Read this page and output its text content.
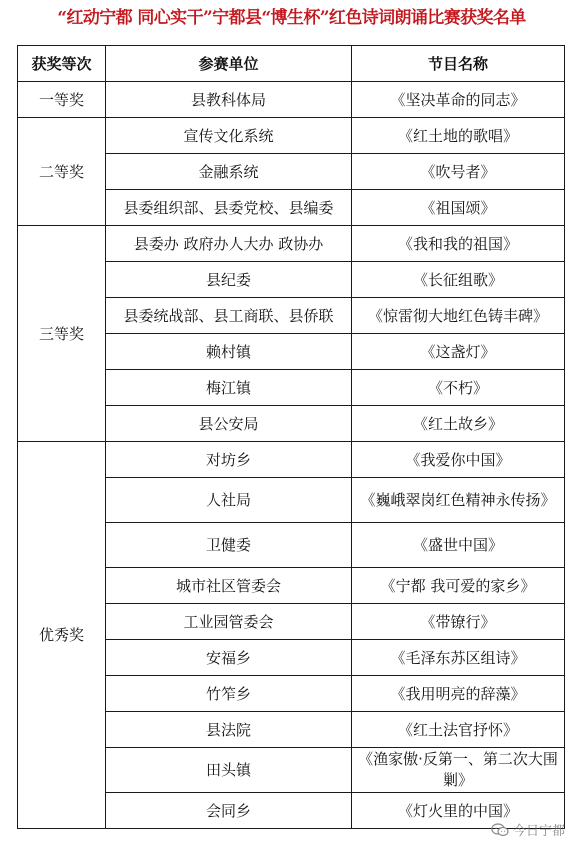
“红动宁都 同心实干”宁都县“博生杯”红色诗词朗诵比赛获奖名单
获奖等次	参赛单位	节目名称
一等奖	县教科体局	《坚决革命的同志》
二等奖	宣传文化系统	《红土地的歌唱》
	金融系统	《吹号者》
	县委组织部、县委党校、县编委	《祖国颂》
三等奖	县委办 政府办人大办 政协办	《我和我的祖国》
	县纪委	《长征组歌》
	县委统战部、县工商联、县侨联	《惊雷彻大地红色铸丰碑》
	赖村镇	《这盏灯》
	梅江镇	《不朽》
	县公安局	《红土故乡》
优秀奖	对坊乡	《我爱你中国》
	人社局	《巍峨翠岗红色精神永传扬》
	卫健委	《盛世中国》
	城市社区管委会	《宁都 我可爱的家乡》
	工业园管委会	《带镣行》
	安福乡	《毛泽东苏区组诗》
	竹笮乡	《我用明亮的辞藻》
	县法院	《红土法官抒怀》
	田头镇	《渔家傲·反第一、第二次大围剿》
	会同乡	《灯火里的中国》
今日宁都
